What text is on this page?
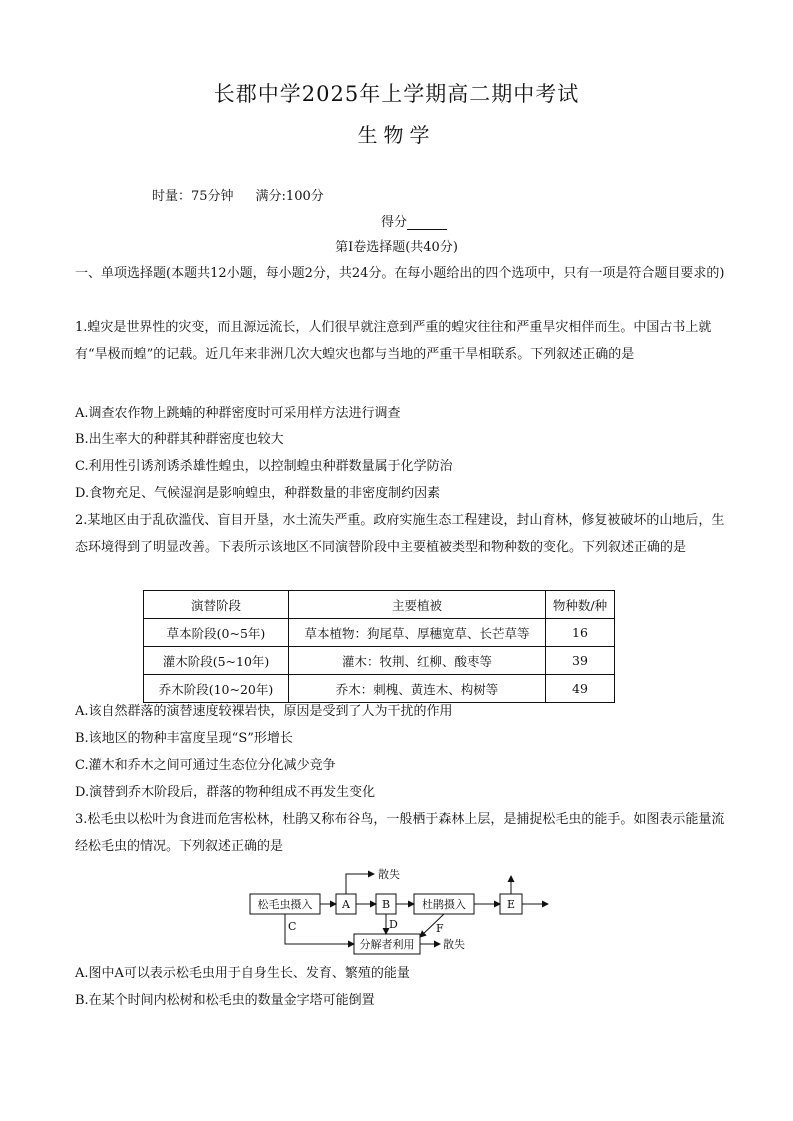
长郡中学2025年上学期高二期中考试
生物学
时量：75分钟 满分:100分
得分
第Ⅰ卷选择题(共40分)
一、单项选择题(本题共12小题，每小题2分，共24分。在每小题给出的四个选项中，只有一项是符合题目要求的)
1.蝗灾是世界性的灾变，而且源远流长，人们很早就注意到严重的蝗灾往往和严重旱灾相伴而生。中国古书上就有“旱极而蝗”的记载。近几年来非洲几次大蝗灾也都与当地的严重干旱相联系。下列叙述正确的是
A.调查农作物上跳蝻的种群密度时可采用样方法进行调查
B.出生率大的种群其种群密度也较大
C.利用性引诱剂诱杀雄性蝗虫，以控制蝗虫种群数量属于化学防治
D.食物充足、气候湿润是影响蝗虫，种群数量的非密度制约因素
2.某地区由于乱砍滥伐、盲目开垦，水土流失严重。政府实施生态工程建设，封山育林，修复被破坏的山地后，生态环境得到了明显改善。下表所示该地区不同演替阶段中主要植被类型和物种数的变化。下列叙述正确的是
演替阶段	主要植被	物种数/种
草本阶段(0~5年)	草本植物：狗尾草、厚穗宽草、长芒草等	16
灌木阶段(5~10年)	灌木：牧荆、红柳、酸枣等	39
乔木阶段(10~20年)	乔木：刺槐、黄连木、构树等	49
A.该自然群落的演替速度较裸岩快，原因是受到了人为干扰的作用
B.该地区的物种丰富度呈现“S”形增长
C.灌木和乔木之间可通过生态位分化减少竞争
D.演替到乔木阶段后，群落的物种组成不再发生变化
3.松毛虫以松叶为食进而危害松林，杜鹃又称布谷鸟，一般栖于森林上层，是捕捉松毛虫的能手。如图表示能量流经松毛虫的情况。下列叙述正确的是
松毛虫摄入	A
散失
B	杜鹃摄入	E
D
C
分解者利用
F
散失
A.图中A可以表示松毛虫用于自身生长、发育、繁殖的能量
B.在某个时间内松树和松毛虫的数量金字塔可能倒置
